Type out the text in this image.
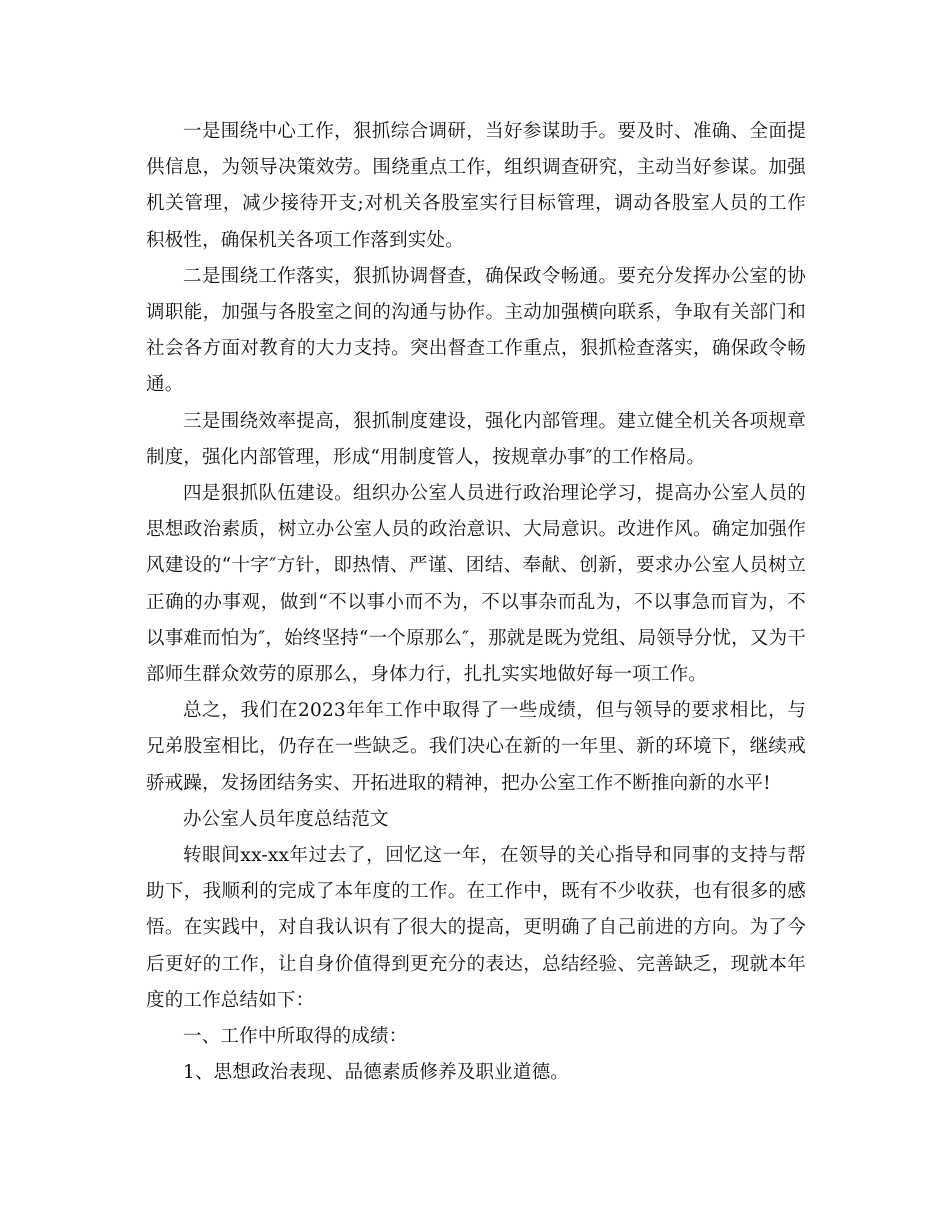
一是围绕中心工作，狠抓综合调研，当好参谋助手。要及时、准确、全面提供信息，为领导决策效劳。围绕重点工作，组织调查研究，主动当好参谋。加强机关管理，减少接待开支;对机关各股室实行目标管理，调动各股室人员的工作积极性，确保机关各项工作落到实处。

二是围绕工作落实，狠抓协调督查，确保政令畅通。要充分发挥办公室的协调职能，加强与各股室之间的沟通与协作。主动加强横向联系，争取有关部门和社会各方面对教育的大力支持。突出督查工作重点，狠抓检查落实，确保政令畅通。

三是围绕效率提高，狠抓制度建设，强化内部管理。建立健全机关各项规章制度，强化内部管理，形成“用制度管人，按规章办事″的工作格局。

四是狠抓队伍建设。组织办公室人员进行政治理论学习，提高办公室人员的思想政治素质，树立办公室人员的政治意识、大局意识。改进作风。确定加强作风建设的“十字″方针，即热情、严谨、团结、奉献、创新，要求办公室人员树立正确的办事观，做到“不以事小而不为，不以事杂而乱为，不以事急而盲为，不以事难而怕为″，始终坚持“一个原那么″，那就是既为党组、局领导分忧，又为干部师生群众效劳的原那么，身体力行，扎扎实实地做好每一项工作。

总之，我们在2023年年工作中取得了一些成绩，但与领导的要求相比，与兄弟股室相比，仍存在一些缺乏。我们决心在新的一年里、新的环境下，继续戒骄戒躁，发扬团结务实、开拓进取的精神，把办公室工作不断推向新的水平!

办公室人员年度总结范文

转眼间xx-xx年过去了，回忆这一年，在领导的关心指导和同事的支持与帮助下，我顺利的完成了本年度的工作。在工作中，既有不少收获，也有很多的感悟。在实践中，对自我认识有了很大的提高，更明确了自己前进的方向。为了今后更好的工作，让自身价值得到更充分的表达，总结经验、完善缺乏，现就本年度的工作总结如下：

一、工作中所取得的成绩：

1、思想政治表现、品德素质修养及职业道德。
